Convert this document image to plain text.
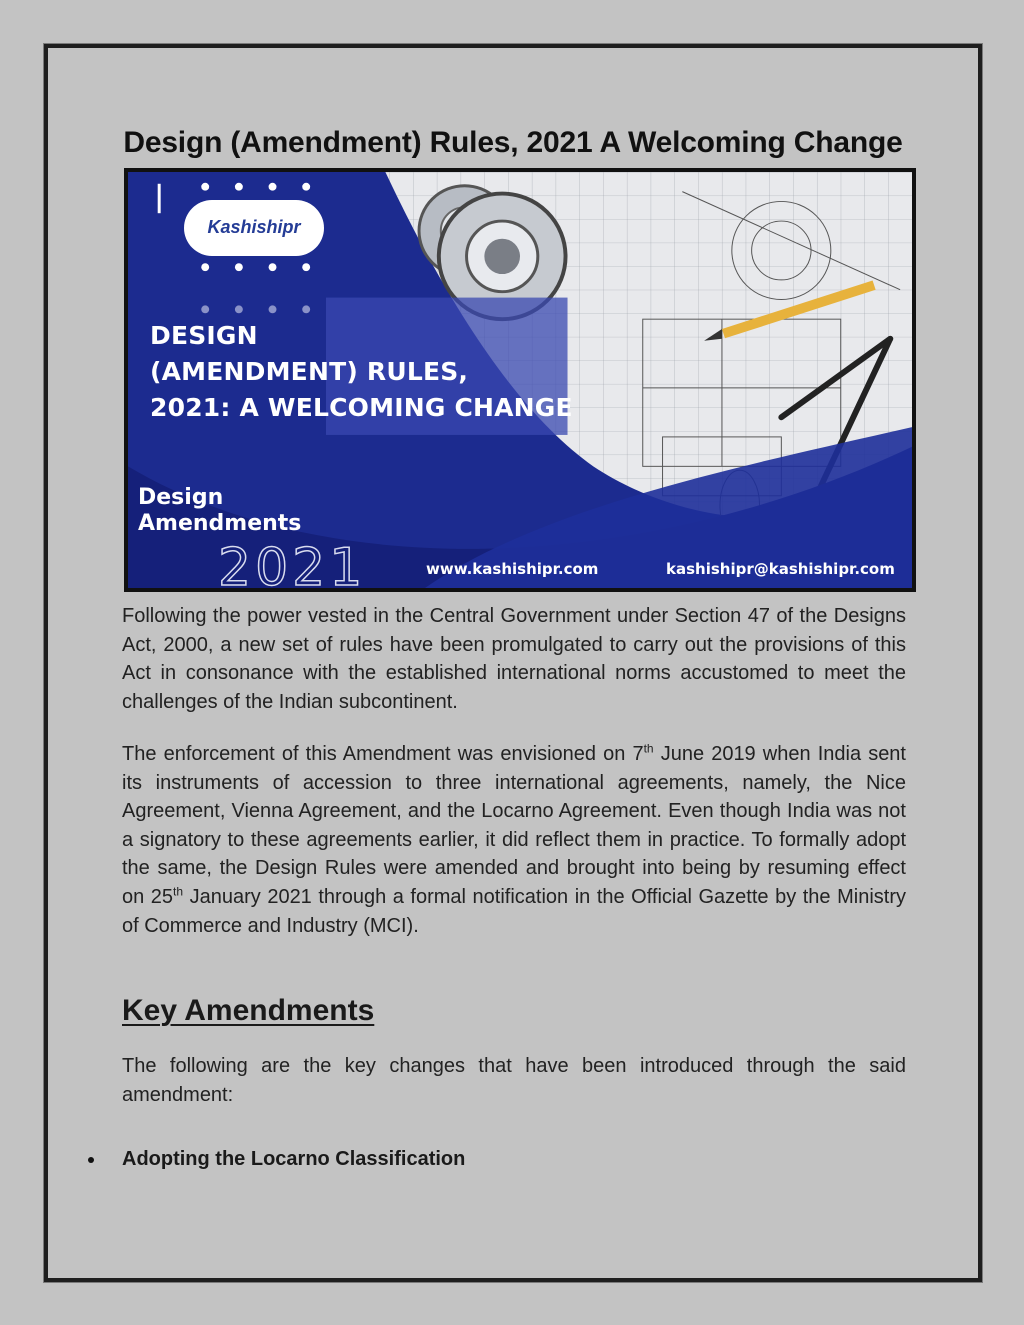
Design (Amendment) Rules, 2021 A Welcoming Change
Kashishipr
DESIGN
(AMENDMENT) RULES,
2021: A WELCOMING CHANGE
Design
Amendments
2021	www.kashishipr.com	kashishipr@kashishipr.com

Following the power vested in the Central Government under Section 47 of the Designs Act, 2000, a new set of rules have been promulgated to carry out the provisions of this Act in consonance with the established international norms accustomed to meet the challenges of the Indian subcontinent.

The enforcement of this Amendment was envisioned on 7th June 2019 when India sent its instruments of accession to three international agreements, namely, the Nice Agreement, Vienna Agreement, and the Locarno Agreement. Even though India was not a signatory to these agreements earlier, it did reflect them in practice. To formally adopt the same, the Design Rules were amended and brought into being by resuming effect on 25th January 2021 through a formal notification in the Official Gazette by the Ministry of Commerce and Industry (MCI).

Key Amendments

The following are the key changes that have been introduced through the said amendment:

Adopting the Locarno Classification
